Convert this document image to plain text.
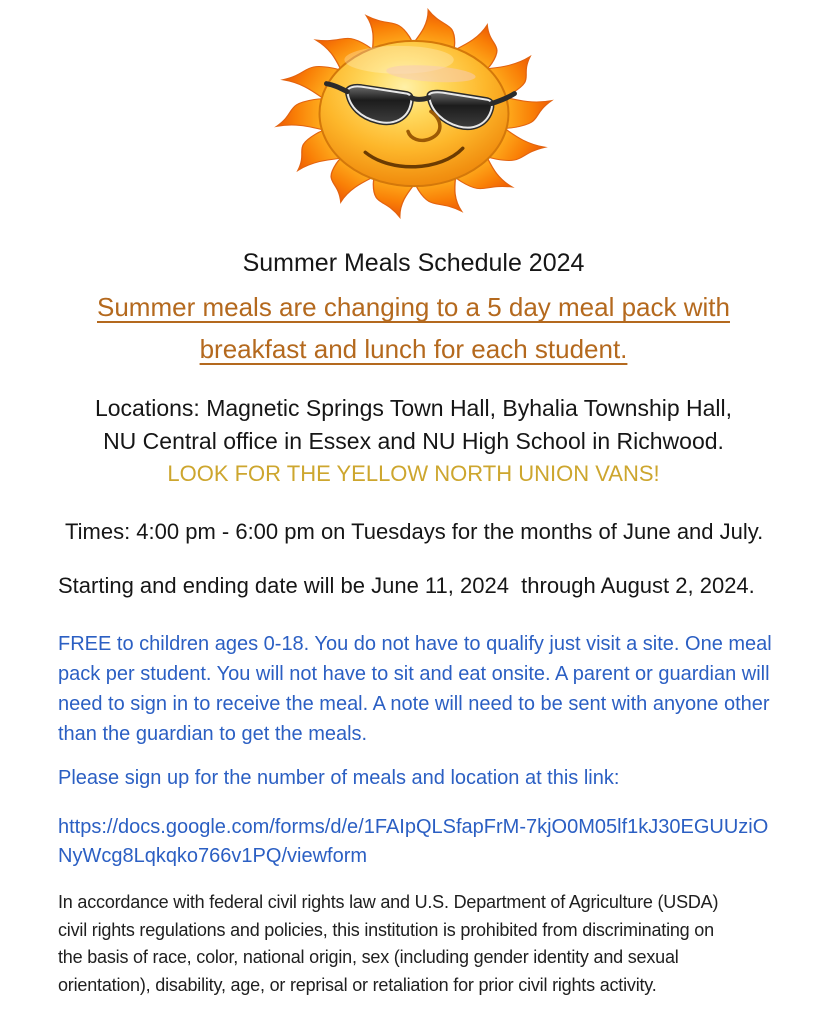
Summer Meals Schedule 2024
Summer meals are changing to a 5 day meal pack with
breakfast and lunch for each student.
Locations: Magnetic Springs Town Hall, Byhalia Township Hall,
NU Central office in Essex and NU High School in Richwood.
LOOK FOR THE YELLOW NORTH UNION VANS!
Times: 4:00 pm - 6:00 pm on Tuesdays for the months of June and July.
Starting and ending date will be June 11, 2024  through August 2, 2024.
FREE to children ages 0-18. You do not have to qualify just visit a site. One meal
pack per student. You will not have to sit and eat onsite. A parent or guardian will
need to sign in to receive the meal. A note will need to be sent with anyone other
than the guardian to get the meals.
Please sign up for the number of meals and location at this link:
https://docs.google.com/forms/d/e/1FAIpQLSfapFrM-7kjO0M05lf1kJ30EGUUziO
NyWcg8Lqkqko766v1PQ/viewform
In accordance with federal civil rights law and U.S. Department of Agriculture (USDA)
civil rights regulations and policies, this institution is prohibited from discriminating on
the basis of race, color, national origin, sex (including gender identity and sexual
orientation), disability, age, or reprisal or retaliation for prior civil rights activity.
